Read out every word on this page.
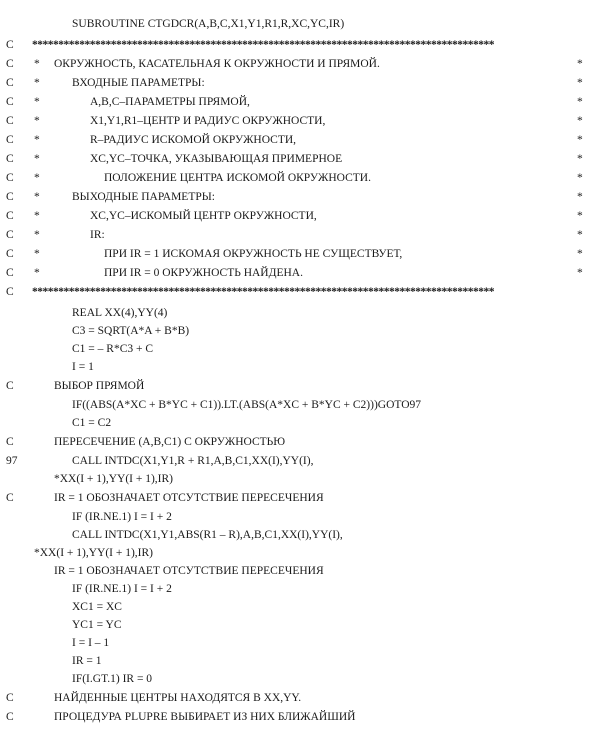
SUBROUTINE CTGDCR(A,B,C,X1,Y1,R1,R,XC,YC,IR)
C ****************************************************************************************
C * ОКРУЖНОСТЬ, КАСАТЕЛЬНАЯ К ОКРУЖНОСТИ И ПРЯМОЙ.	*
C *	ВХОДНЫЕ ПАРАМЕТРЫ:	*
C *	A,B,C–ПАРАМЕТРЫ ПРЯМОЙ,	*
C *	X1,Y1,R1–ЦЕНТР И РАДИУС ОКРУЖНОСТИ,	*
C *	R–РАДИУС ИСКОМОЙ ОКРУЖНОСТИ,	*
C *	XC,YC–ТОЧКА, УКАЗЫВАЮЩАЯ ПРИМЕРНОЕ	*
C *	ПОЛОЖЕНИЕ ЦЕНТРА ИСКОМОЙ ОКРУЖНОСТИ.	*
C *	ВЫХОДНЫЕ ПАРАМЕТРЫ:	*
C *	XC,YC–ИСКОМЫЙ ЦЕНТР ОКРУЖНОСТИ,	*
C *	IR:	*
C *	ПРИ IR = 1 ИСКОМАЯ ОКРУЖНОСТЬ НЕ СУЩЕСТВУЕТ,	*
C *	ПРИ IR = 0 ОКРУЖНОСТЬ НАЙДЕНА.	*
C ****************************************************************************************
REAL XX(4),YY(4)
C3 = SQRT(A*A + B*B)
C1 = – R*C3 + C
I = 1
C	ВЫБОР ПРЯМОЙ
IF((ABS(A*XC + B*YC + C1)).LT.(ABS(A*XC + B*YC + C2)))GOTO97
C1 = C2
C	ПЕРЕСЕЧЕНИЕ (A,B,C1) С ОКРУЖНОСТЬЮ
97	CALL INTDC(X1,Y1,R + R1,A,B,C1,XX(I),YY(I),
*XX(I + 1),YY(I + 1),IR)
C	IR = 1 ОБОЗНАЧАЕТ ОТСУТСТВИЕ ПЕРЕСЕЧЕНИЯ
IF (IR.NE.1) I = I + 2
CALL INTDC(X1,Y1,ABS(R1 – R),A,B,C1,XX(I),YY(I),
*XX(I + 1),YY(I + 1),IR)
IR = 1 ОБОЗНАЧАЕТ ОТСУТСТВИЕ ПЕРЕСЕЧЕНИЯ
IF (IR.NE.1) I = I + 2
XC1 = XC
YC1 = YC
I = I – 1
IR = 1
IF(I.GT.1) IR = 0
C	НАЙДЕННЫЕ ЦЕНТРЫ НАХОДЯТСЯ В XX,YY.
C	ПРОЦЕДУРА PLUPRE ВЫБИРАЕТ ИЗ НИХ БЛИЖАЙШИЙ
